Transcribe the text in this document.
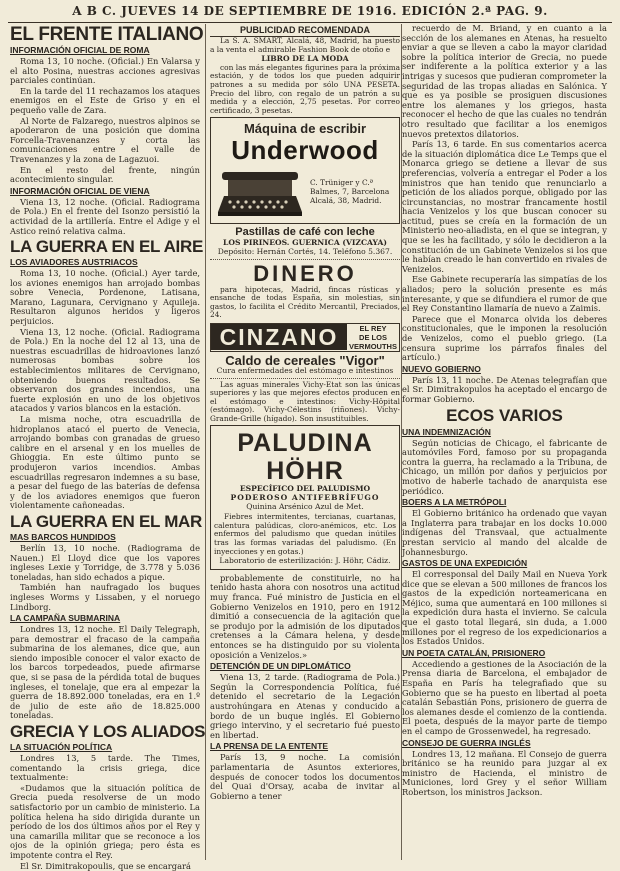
A B C. JUEVES 14 DE SEPTIEMBRE DE 1916. EDICIÓN 2.ª PAG. 9.
EL FRENTE ITALIANO
INFORMACIÓN OFICIAL DE ROMA

Roma 13, 10 noche. (Oficial.) En Valarsa y el alto Posina, nuestras acciones agresivas parciales continúan.

En la tarde del 11 rechazamos los ataques enemigos en el Este de Griso y en el pequeño valle de Zara.

Al Norte de Falzarego, nuestros alpinos se apoderaron de una posición que domina Forcella-Travenanzes y corta las comunicaciones entre el valle de Travenanzes y la zona de Lagazuoi.

En el resto del frente, ningún acontecimiento singular.

INFORMACIÓN OFICIAL DE VIENA

Viena 13, 12 noche. (Oficial. Radiograma de Pola.) En el frente del Isonzo persistió la actividad de la artillería. Entre el Adige y el Astico reinó relativa calma.

LA GUERRA EN EL AIRE
LOS AVIADORES AUSTRIACOS

Roma 13, 10 noche. (Oficial.) Ayer tarde, los aviones enemigos han arrojado bombas sobre Venecia, Pordenone, Latisana, Marano, Lagunara, Cervignano y Aquileja. Resultaron algunos heridos y ligeros perjuicios.

Viena 13, 12 noche. (Oficial. Radiograma de Pola.) En la noche del 12 al 13, una de nuestras escuadrillas de hidroaviones lanzó numerosas bombas sobre los establecimientos militares de Cervignano, obteniendo buenos resultados. Se observaron dos grandes incendios, una fuerte explosión en uno de los objetivos atacados y varios blancos en la estación.

La misma noche, otra escuadrilla de hidroplanos atacó el puerto de Venecia, arrojando bombas con granadas de grueso calibre en el arsenal y en los muelles de Ghioggia. En este último punto se produjeron varios incendios. Ambas escuadrillas regresaron indemnes a su base, a pesar del fuego de las baterías de defensa y de los aviadores enemigos que fueron violentamente cañoneadas.

LA GUERRA EN EL MAR
MAS BARCOS HUNDIDOS

Berlín 13, 10 noche. (Radiograma de Nauen.) El Lloyd dice que los vapores ingleses Lexie y Torridge, de 3.778 y 5.036 toneladas, han sido echados a pique.

También han naufragado los buques ingleses Worms y Lissaben, y el noruego Lindborg.

LA CAMPAÑA SUBMARINA

Londres 13, 12 noche. El Daily Telegraph, para demostrar el fracaso de la campaña submarina de los alemanes, dice que, aun siendo imposible conocer el valor exacto de los barcos torpedeados, puede afirmarse que, si se pasa de la pérdida total de buques ingleses, el tonelaje, que era al empezar la guerra de 18.892.000 toneladas, era en 1.º de julio de este año de 18.825.000 toneladas.

GRECIA Y LOS ALIADOS
LA SITUACIÓN POLÍTICA

Londres 13, 5 tarde. The Times, comentando la crisis griega, dice textualmente:

«Dudamos que la situación política de Grecia pueda resolverse de un modo satisfactorio por un cambio de ministerio. La política helena ha sido dirigida durante un período de los dos últimos años por el Rey y una camarilla militar que se reconoce a los ojos de la opinión griega; pero ésta es impotente contra el Rey.

El Sr. Dimitrakopoulis, que se encargará

PUBLICIDAD RECOMENDADA

La S. A. SMART, Alcalá, 48, Madrid, ha puesto a la venta el admirable Fashion Book de otoño e

LIBRO DE LA MODA

con las más elegantes figurines para la próxima estación, y de todos los que pueden adquirir patrones a su medida por sólo UNA PESETA. Precio del libro, con regalo de un patrón a su medida y a elección, 2,75 pesetas. Por correo certificado, 3 pesetas.

Máquina de escribir
Underwood
C. Trüniger y C.ª
Balmes, 7, Barcelona
Alcalá, 38, Madrid.
Pastillas de café con leche
LOS PIRINEOS. GUERNICA (VIZCAYA)
Depósito: Hernán Cortés, 14. Teléfono 5.367.
DINERO

para hipotecas, Madrid, fincas rústicas y ensanche de todas España, sin molestias, sin gastos, lo facilita el Crédito Mercantil, Preciados, 24.

CINZANO	EL REY
DE LOS
VERMOUTHS
Caldo de cereales "Vigor"
Cura enfermedades del estómago e intestinos

Las aguas minerales Vichy-Etat son las únicas superiores y las que mejores efectos producen en el estómago e intestinos: Vichy-Hôpital (estómago). Vichy-Célestins (riñones). Vichy-Grande-Grille (hígado). Son insustituibles.

PALUDINA HÖHR
ESPECÍFICO DEL PALUDISMO
PODEROSO ANTIFEBRÍFUGO
Quinina Arsénico Azul de Met.

Fiebres intermitentes, tercianas, cuartanas, calentura palúdicas, cloro-anémicos, etc. Los enfermos del paludismo que quedan inútiles tras las formas variadas del paludismo. (En inyecciones y en gotas.)

Laboratorio de esterilización: J. Höhr, Cádiz.

probablemente de constituirle, no ha tenido hasta ahora con nosotros una actitud muy franca. Fué ministro de Justicia en el Gobierno Venizelos en 1910, pero en 1912 dimitió a consecuencia de la agitación que se produjo por la admisión de los diputados cretenses a la Cámara helena, y desde entonces se ha distinguido por su violenta oposición a Venizelos.»

DETENCIÓN DE UN DIPLOMÁTICO

Viena 13, 2 tarde. (Radiograma de Pola.) Según la Correspondencia Política, fué detenido el secretario de la Legación austrohúngara en Atenas y conducido a bordo de un buque inglés. El Gobierno griego intervino, y el secretario fué puesto en libertad.

LA PRENSA DE LA ENTENTE

París 13, 9 noche. La comisión parlamentaria de Asuntos exteriores, después de conocer todos los documentos del Quai d'Orsay, acaba de invitar al Gobierno a tener

recuerdo de M. Briand, y en cuanto a la sección de los alemanes en Atenas, ha resuelto enviar a que se lleven a cabo la mayor claridad sobre la política interior de Grecia, no puede ser indiferente a la política exterior y a las intrigas y sucesos que pudieran comprometer la seguridad de las tropas aliadas en Salónica. Y que es ya posible se prosiguen discusiones entre los alemanes y los griegos, hasta reconocer el hecho de que las cuales no tendrán otro resultado que facilitar a los enemigos nuevos pretextos dilatorios.

París 13, 6 tarde. En sus comentarios acerca de la situación diplomática dice Le Temps que el Monarca griego se detiene a llevar de sus preferencias, volvería a entregar el Poder a los ministros que han tenido que renunciarlo a petición de los aliados porque, obligado por las circunstancias, no mostrar francamente hostil hacia Venizelos y los que buscan conocer su actitud, pues se creía en la formación de un Ministerio neo-aliadista, en el que se integran, y que se les ha facilitado, y sólo le decidieron a la constitución de un Gabinete Venizelos si los que le habían creado le han convertido en rivales de Venizelos.

Ese Gabinete recuperaría las simpatías de los aliados; pero la solución presente es más interesante, y que se difundiera el rumor de que el Rey Constantino llamaría de nuevo a Zaimis.

Parece que el Monarca olvida los deberes constitucionales, que le imponen la resolución de Venizelos, como el pueblo griego. (La censura suprime los párrafos finales del artículo.)

NUEVO GOBIERNO

París 13, 11 noche. De Atenas telegrafían que el Sr. Dimitrakopulos ha aceptado el encargo de formar Gobierno.

ECOS VARIOS
UNA INDEMNIZACIÓN

Según noticias de Chicago, el fabricante de automóviles Ford, famoso por su propaganda contra la guerra, ha reclamado a la Tribuna, de Chicago, un millón por daños y perjuicios por motivo de haberle tachado de anarquista ese periódico.

BOERS A LA METRÓPOLI

El Gobierno británico ha ordenado que vayan a Inglaterra para trabajar en los docks 10.000 indígenas del Transvaal, que actualmente prestan servicio al mando del alcalde de Johannesburgo.

GASTOS DE UNA EXPEDICIÓN

El corresponsal del Daily Mail en Nueva York dice que se elevan a 500 millones de francos los gastos de la expedición norteamericana en Méjico, suma que aumentará en 100 millones si la expedición dura hasta el invierno. Se calcula que el gasto total llegará, sin duda, a 1.000 millones por el regreso de los expedicionarios a los Estados Unidos.

UN POETA CATALÁN, PRISIONERO

Accediendo a gestiones de la Asociación de la Prensa diaria de Barcelona, el embajador de España en París ha telegrafiado que su Gobierno que se ha puesto en libertad al poeta catalán Sebastián Pons, prisionero de guerra de los alemanes desde el comienzo de la contienda. El poeta, después de la mayor parte de tiempo en el campo de Grossenwedel, ha regresado.

CONSEJO DE GUERRA INGLÉS

Londres 13, 12 mañana. El Consejo de guerra británico se ha reunido para juzgar al ex ministro de Hacienda, el ministro de Municiones, lord Grey y el señor William Robertson, los ministros Jackson.
